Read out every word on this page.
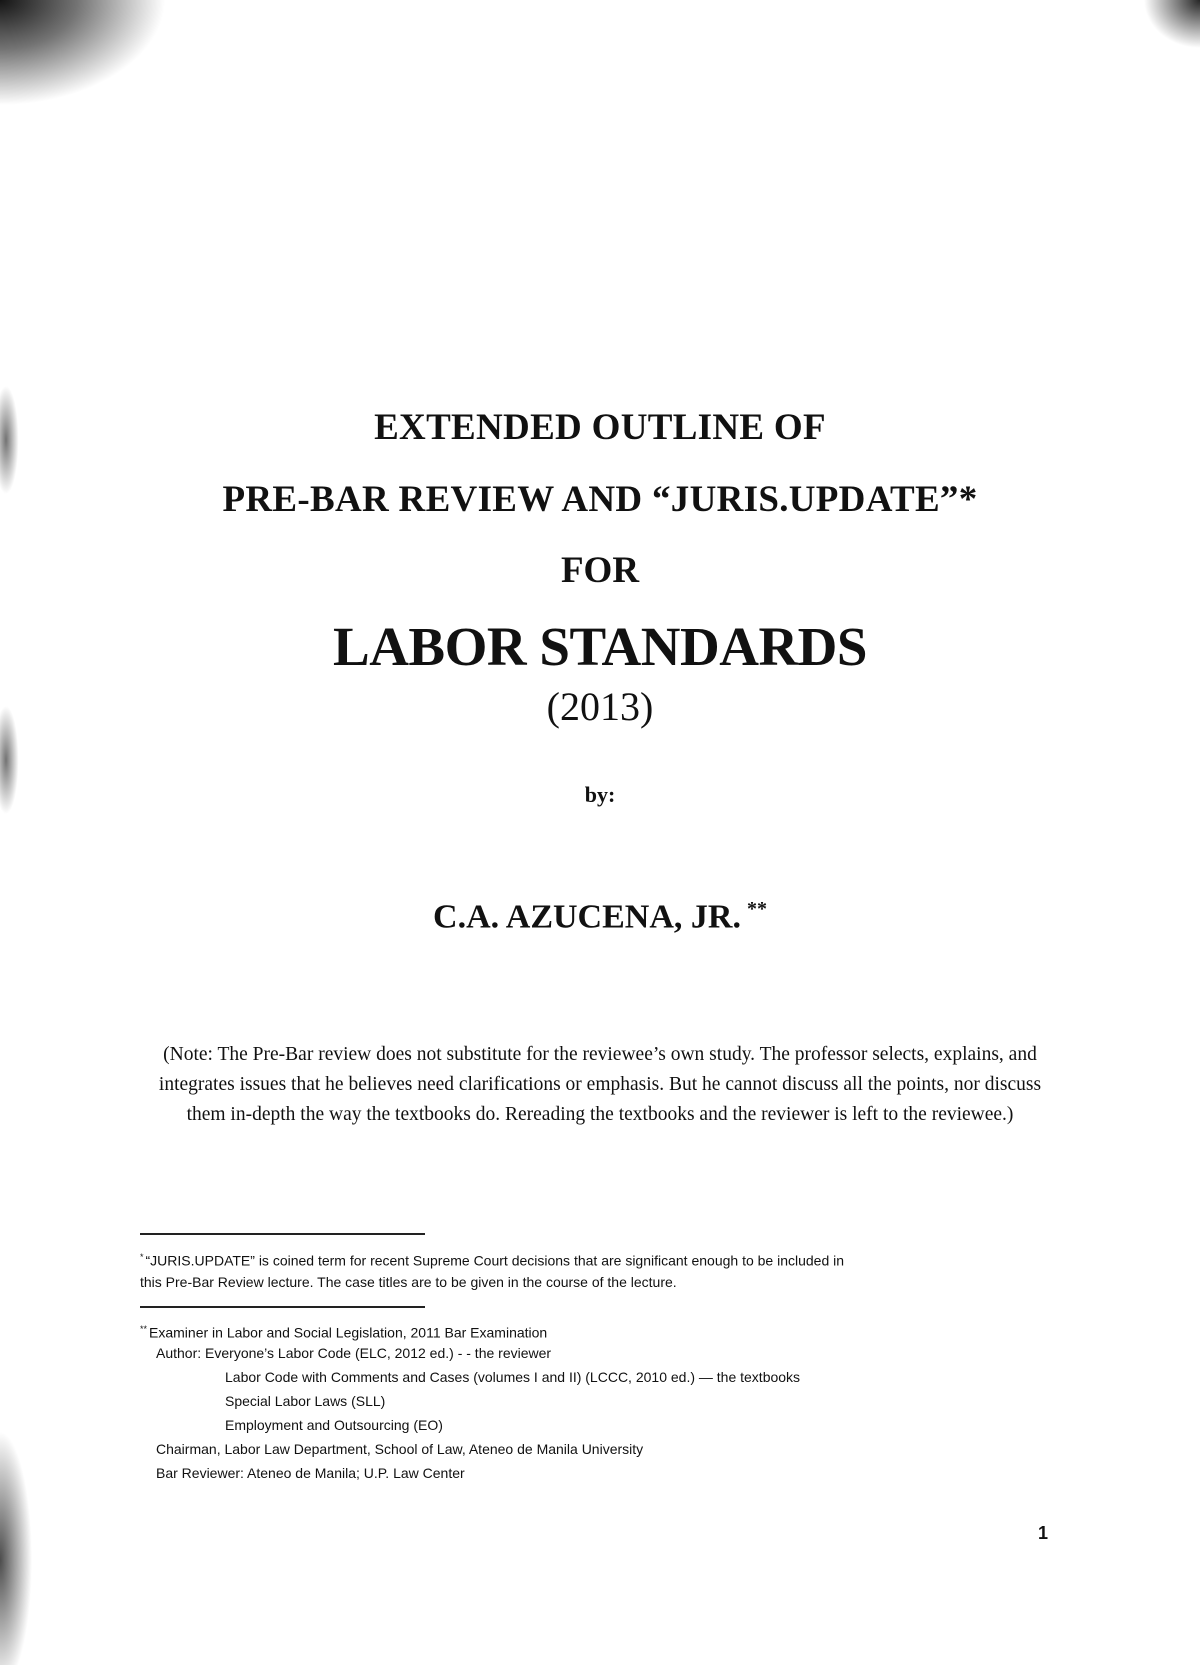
EXTENDED OUTLINE OF
PRE-BAR REVIEW AND “JURIS.UPDATE”*
FOR
LABOR STANDARDS
(2013)
by:
C.A. AZUCENA, JR. **
(Note: The Pre-Bar review does not substitute for the reviewee’s own study. The professor selects, explains, and integrates issues that he believes need clarifications or emphasis. But he cannot discuss all the points, nor discuss them in-depth the way the textbooks do. Rereading the textbooks and the reviewer is left to the reviewee.)
* “JURIS.UPDATE” is coined term for recent Supreme Court decisions that are significant enough to be included in
this Pre-Bar Review lecture. The case titles are to be given in the course of the lecture.
** Examiner in Labor and Social Legislation, 2011 Bar Examination
Author: Everyone’s Labor Code (ELC, 2012 ed.) - - the reviewer
Labor Code with Comments and Cases (volumes I and II) (LCCC, 2010 ed.) — the textbooks
Special Labor Laws (SLL)
Employment and Outsourcing (EO)
Chairman, Labor Law Department, School of Law, Ateneo de Manila University
Bar Reviewer: Ateneo de Manila; U.P. Law Center
1
